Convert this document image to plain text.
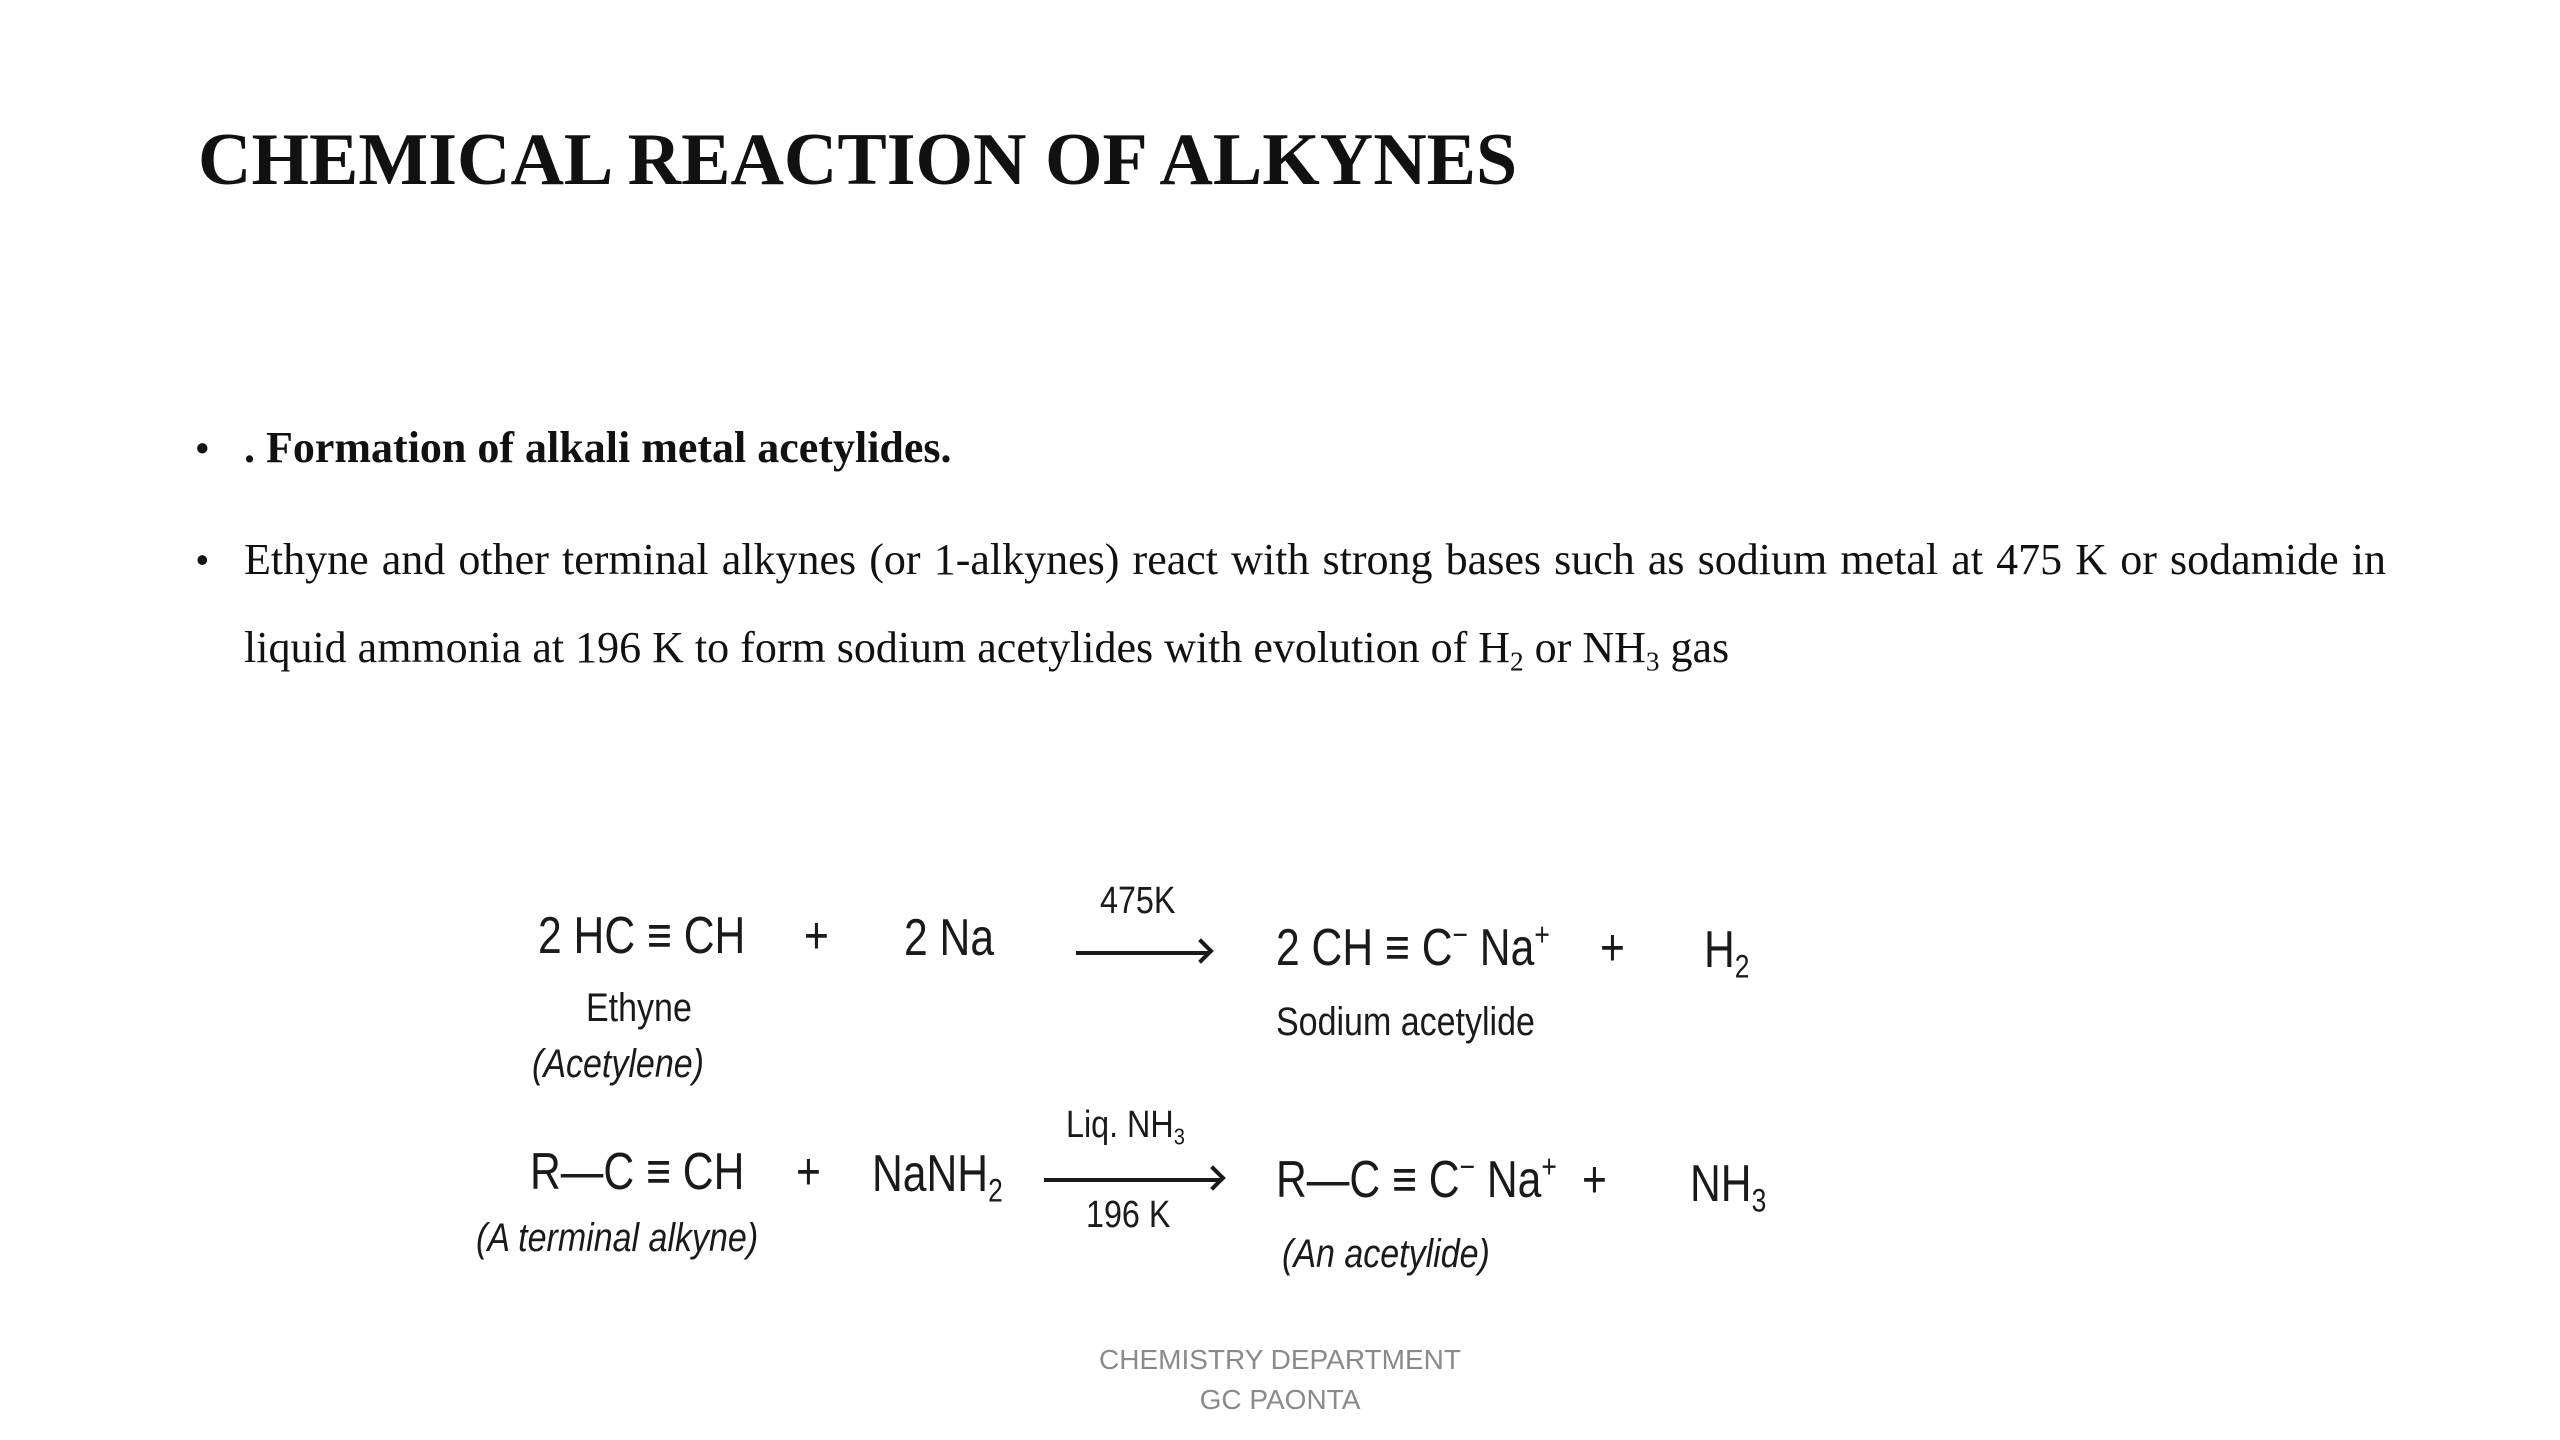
CHEMICAL REACTION OF ALKYNES
• . Formation of alkali metal acetylides.
• Ethyne and other terminal alkynes (or 1-alkynes) react with strong bases such as sodium metal at 475 K or sodamide in liquid ammonia at 196 K to form sodium acetylides with evolution of $H_2$ or $NH_3$ gas
2 HC ≡ CH + 2 Na
475K
2 CH ≡ C− $Na^+ + H_2$
Ethyne
(Acetylene)
Sodium acetylide
R—C ≡ CH + NaNH$_2$
Liq. $NH_3$
196 K
R—C ≡ C− $Na^+ + NH_3$
(A terminal alkyne)	(An acetylide)
CHEMISTRY DEPARTMENT
GC PAONTA
